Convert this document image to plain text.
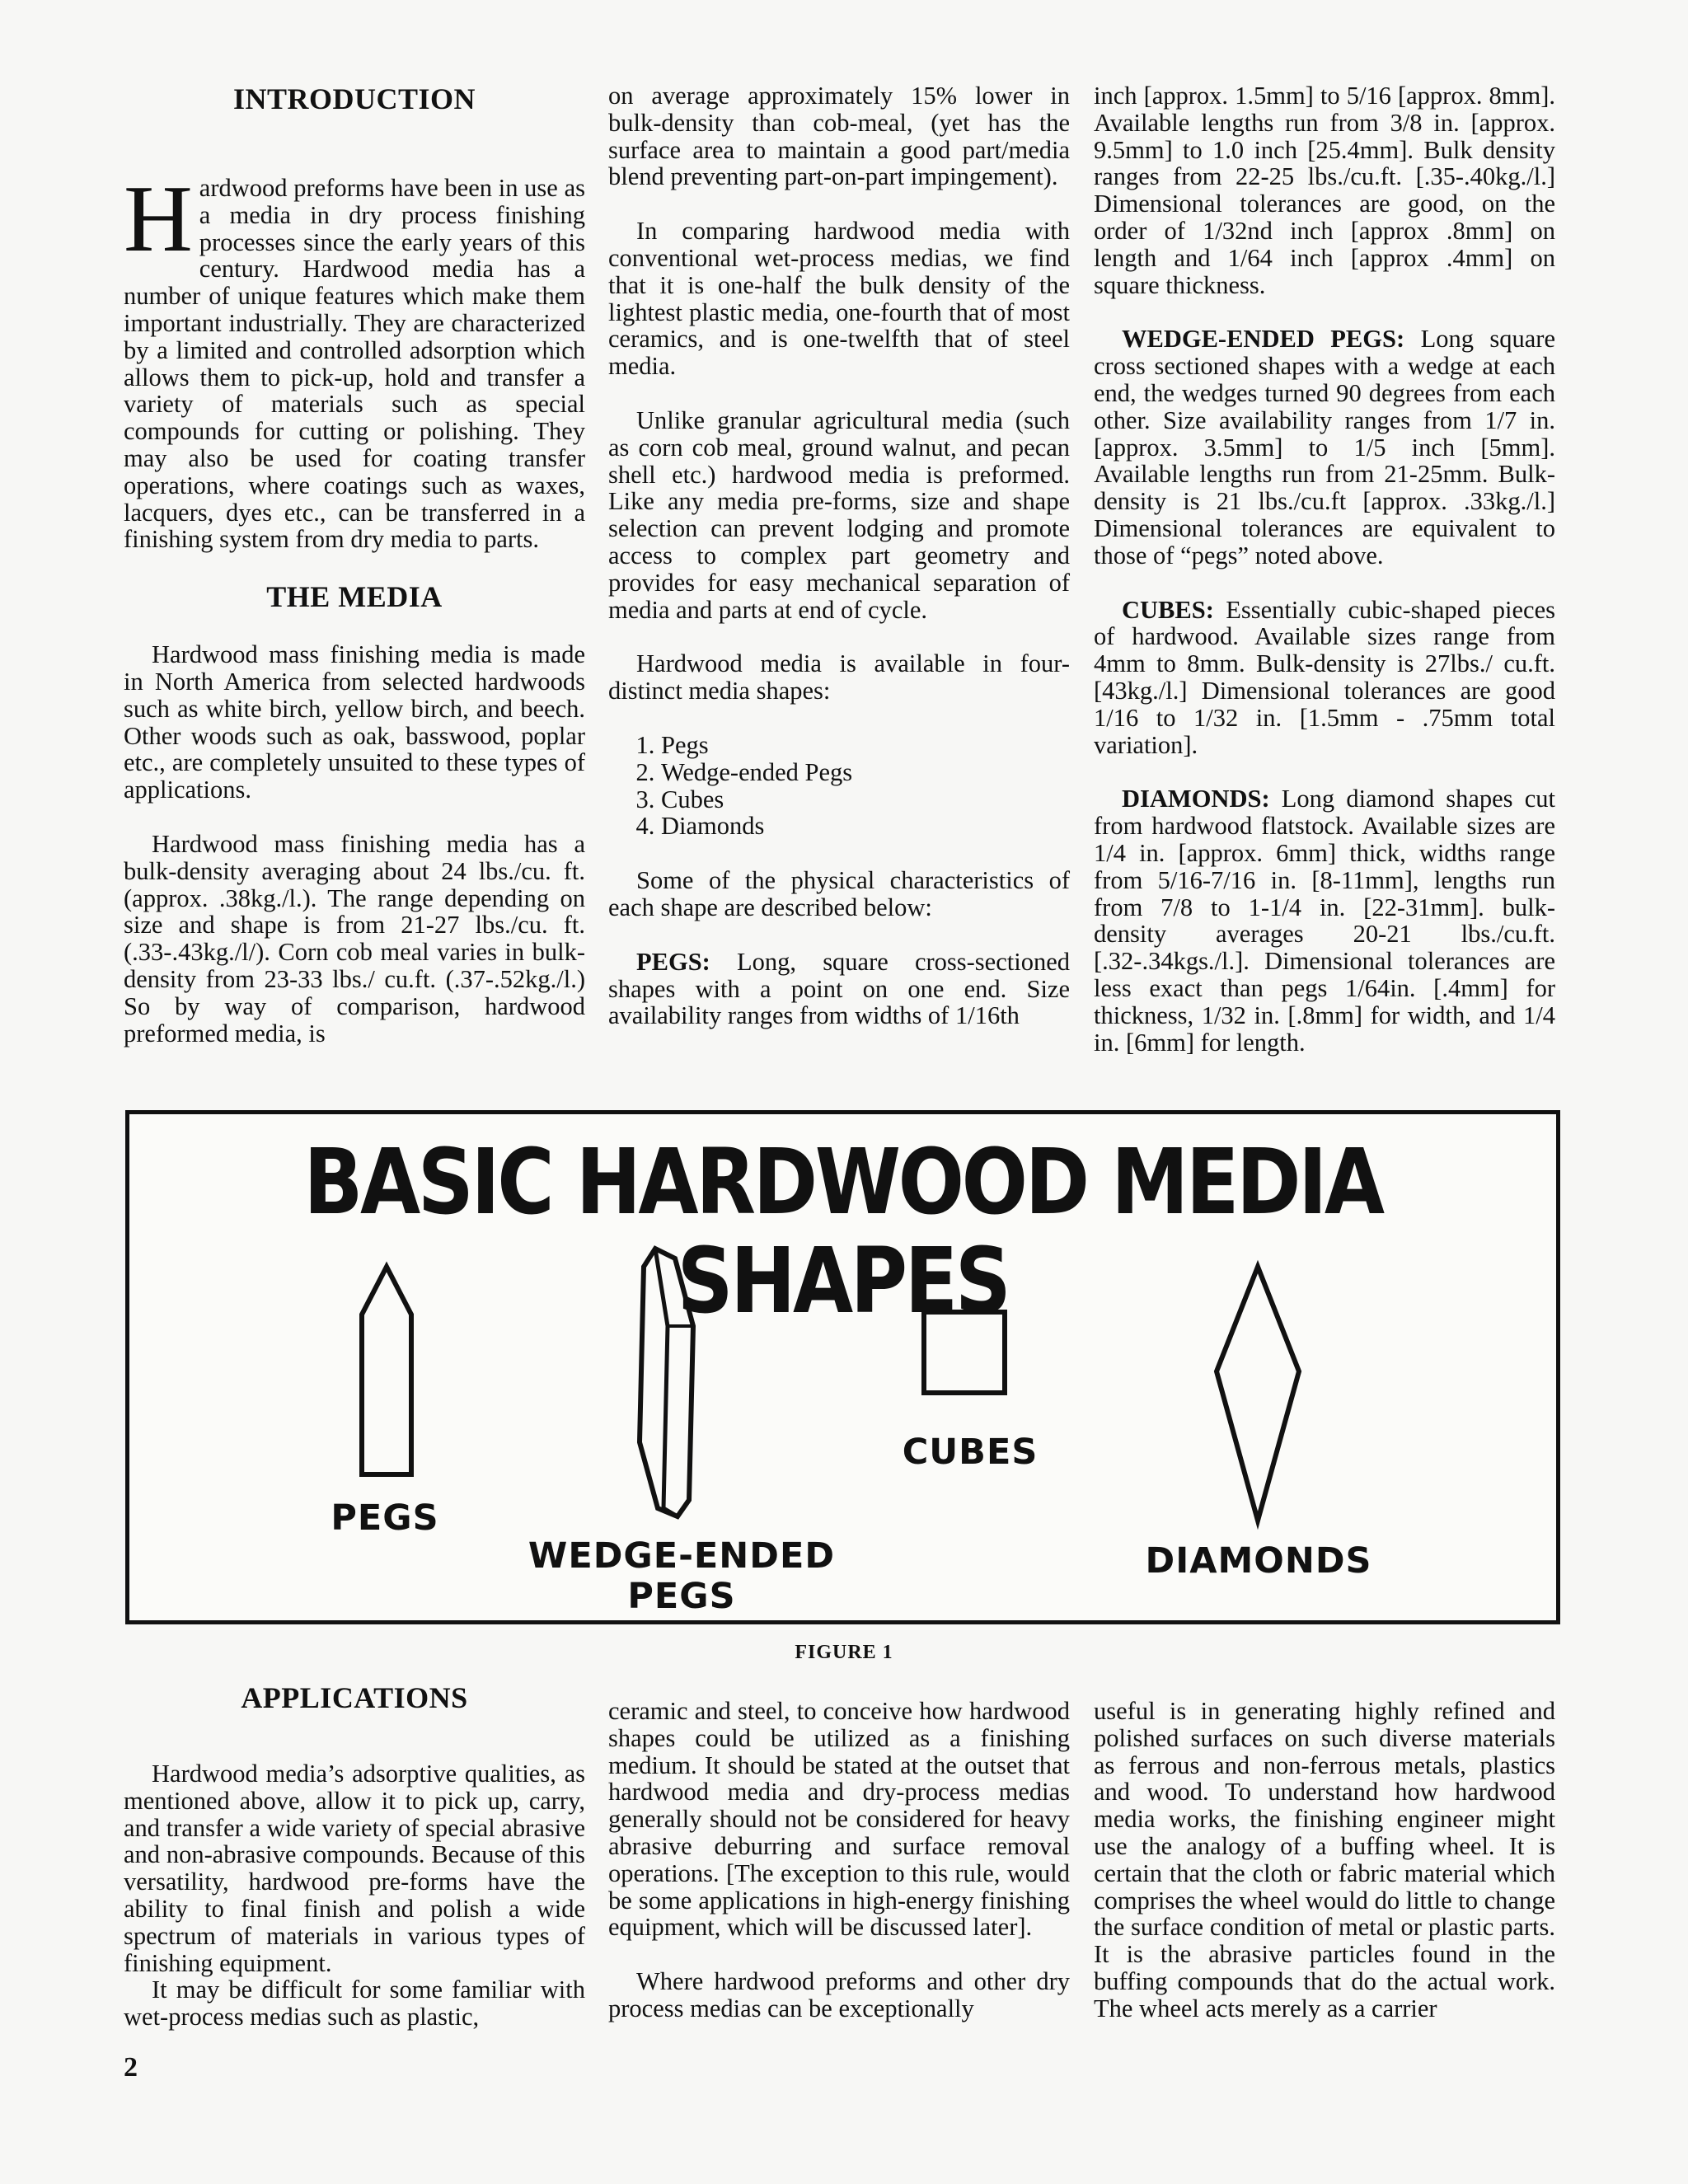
INTRODUCTION

Hardwood preforms have been in use as a media in dry process finishing processes since the early years of this century. Hardwood media has a number of unique features which make them important industrially. They are characterized by a limited and controlled adsorption which allows them to pick-up, hold and transfer a variety of materials such as special compounds for cutting or polishing. They may also be used for coating transfer operations, where coatings such as waxes, lacquers, dyes etc., can be transferred in a finishing system from dry media to parts.

THE MEDIA

Hardwood mass finishing media is made in North America from selected hardwoods such as white birch, yellow birch, and beech. Other woods such as oak, basswood, poplar etc., are completely unsuited to these types of applications.

Hardwood mass finishing media has a bulk-density averaging about 24 lbs./cu. ft. (approx. .38kg./l.). The range depending on size and shape is from 21-27 lbs./cu. ft. (.33-.43kg./l/). Corn cob meal varies in bulk-density from 23-33 lbs./ cu.ft. (.37-.52kg./l.) So by way of comparison, hardwood preformed media, is

on average approximately 15% lower in bulk-density than cob-meal, (yet has the surface area to maintain a good part/media blend preventing part-on-part impingement).

In comparing hardwood media with conventional wet-process medias, we find that it is one-half the bulk density of the lightest plastic media, one-fourth that of most ceramics, and is one-twelfth that of steel media.

Unlike granular agricultural media (such as corn cob meal, ground walnut, and pecan shell etc.) hardwood media is preformed. Like any media pre-forms, size and shape selection can prevent lodging and promote access to complex part geometry and provides for easy mechanical separation of media and parts at end of cycle.

Hardwood media is available in four-distinct media shapes:

1. Pegs
2. Wedge-ended Pegs
3. Cubes
4. Diamonds

Some of the physical characteristics of each shape are described below:

PEGS: Long, square cross-sectioned shapes with a point on one end. Size availability ranges from widths of 1/16th

inch [approx. 1.5mm] to 5/16 [approx. 8mm]. Available lengths run from 3/8 in. [approx. 9.5mm] to 1.0 inch [25.4mm]. Bulk density ranges from 22-25 lbs./cu.ft. [.35-.40kg./l.] Dimensional tolerances are good, on the order of 1/32nd inch [approx .8mm] on length and 1/64 inch [approx .4mm] on square thickness.

WEDGE-ENDED PEGS: Long square cross sectioned shapes with a wedge at each end, the wedges turned 90 degrees from each other. Size availability ranges from 1/7 in. [approx. 3.5mm] to 1/5 inch [5mm]. Available lengths run from 21-25mm. Bulk-density is 21 lbs./cu.ft [approx. .33kg./l.] Dimensional tolerances are equivalent to those of “pegs” noted above.

CUBES: Essentially cubic-shaped pieces of hardwood. Available sizes range from 4mm to 8mm. Bulk-density is 27lbs./ cu.ft. [43kg./l.] Dimensional tolerances are good 1/16 to 1/32 in. [1.5mm - .75mm total variation].

DIAMONDS: Long diamond shapes cut from hardwood flatstock. Available sizes are 1/4 in. [approx. 6mm] thick, widths range from 5/16-7/16 in. [8-11mm], lengths run from 7/8 to 1-1/4 in. [22-31mm]. bulk-density averages 20-21 lbs./cu.ft. [.32-.34kgs./l.]. Dimensional tolerances are less exact than pegs 1/64in. [.4mm] for thickness, 1/32 in. [.8mm] for width, and 1/4 in. [6mm] for length.

BASIC HARDWOOD MEDIA SHAPES
PEGS
WEDGE-ENDED
PEGS
CUBES
DIAMONDS
FIGURE 1
APPLICATIONS

Hardwood media’s adsorptive qualities, as mentioned above, allow it to pick up, carry, and transfer a wide variety of special abrasive and non-abrasive compounds. Because of this versatility, hardwood pre-forms have the ability to final finish and polish a wide spectrum of materials in various types of finishing equipment.

It may be difficult for some familiar with wet-process medias such as plastic,

ceramic and steel, to conceive how hardwood shapes could be utilized as a finishing medium. It should be stated at the outset that hardwood media and dry-process medias generally should not be considered for heavy abrasive deburring and surface removal operations. [The exception to this rule, would be some applications in high-energy finishing equipment, which will be discussed later].

Where hardwood preforms and other dry process medias can be exceptionally

useful is in generating highly refined and polished surfaces on such diverse materials as ferrous and non-ferrous metals, plastics and wood. To understand how hardwood media works, the finishing engineer might use the analogy of a buffing wheel. It is certain that the cloth or fabric material which comprises the wheel would do little to change the surface condition of metal or plastic parts. It is the abrasive particles found in the buffing compounds that do the actual work. The wheel acts merely as a carrier

2
